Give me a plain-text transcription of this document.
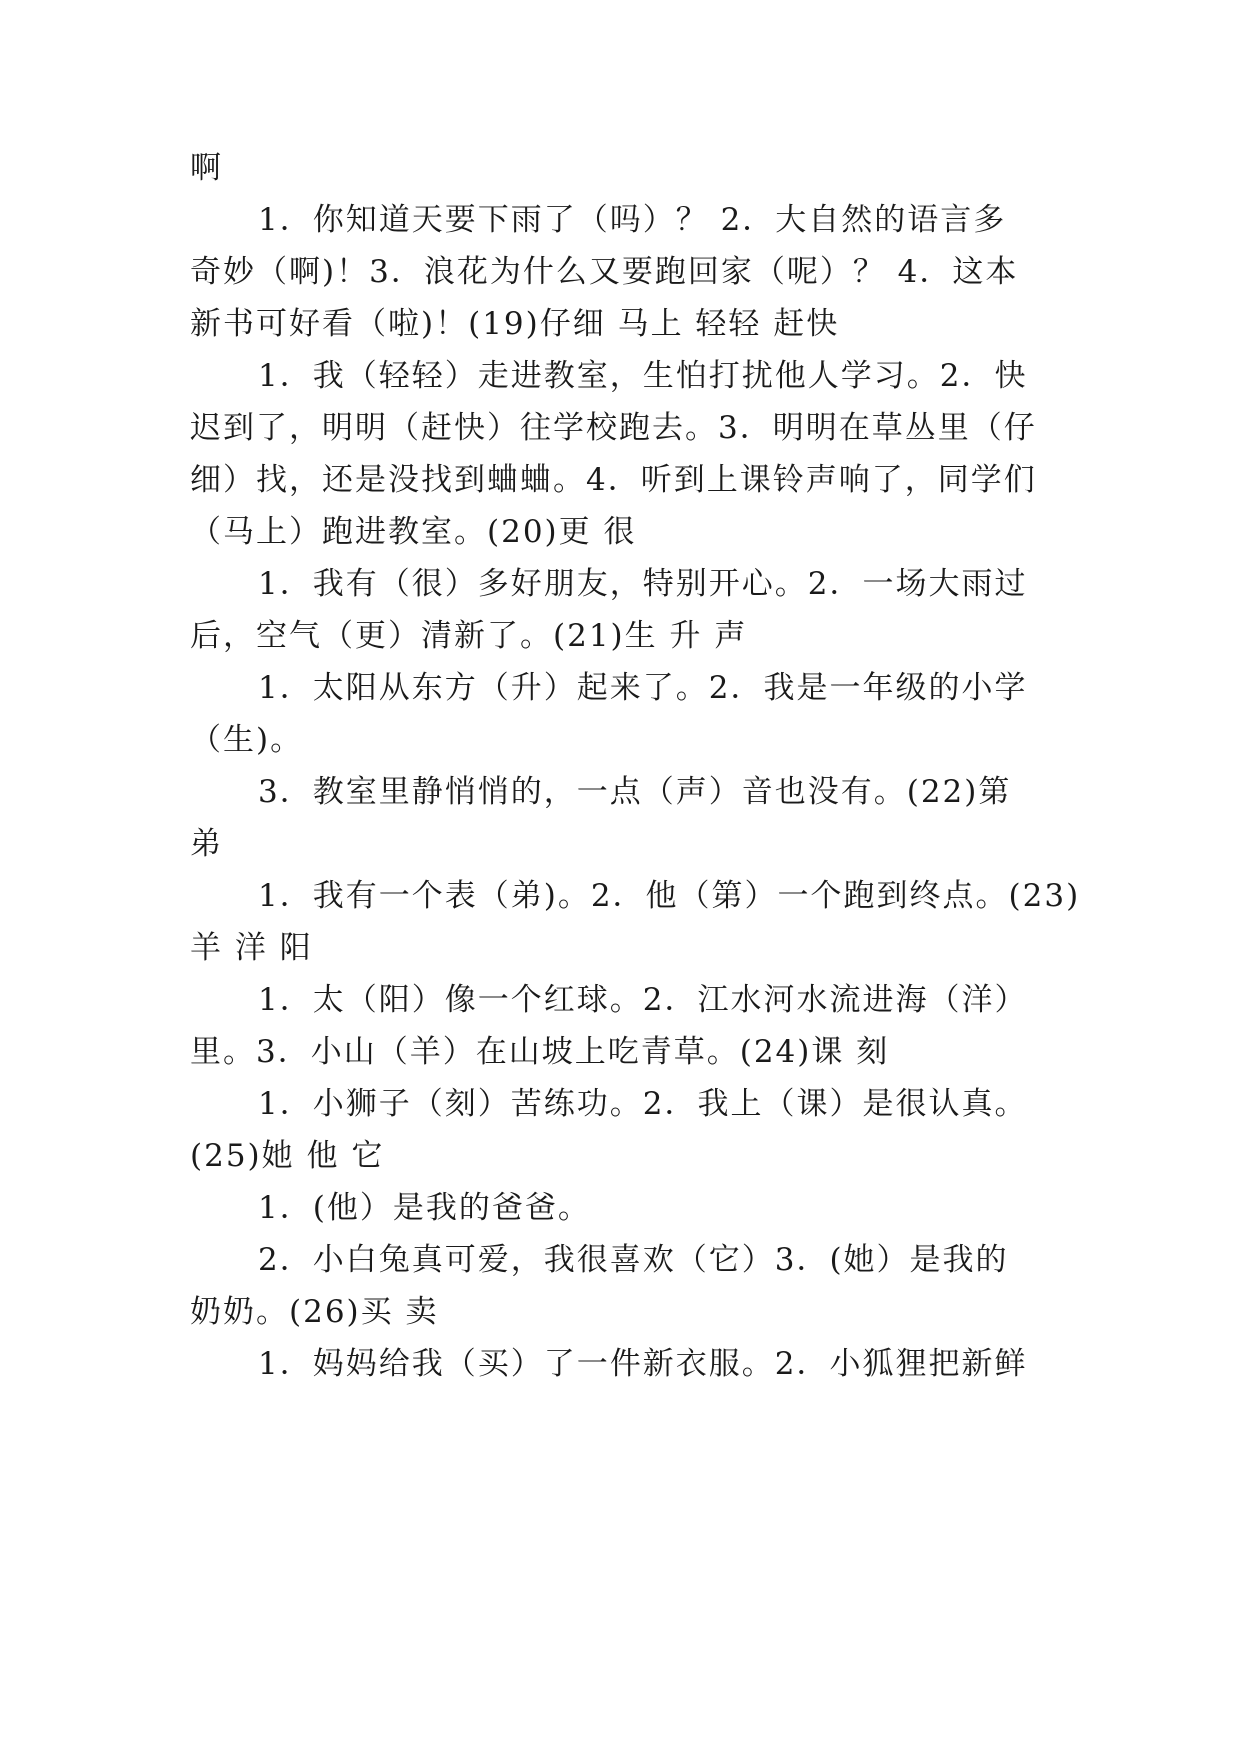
啊
1．你知道天要下雨了（吗）？ 2．大自然的语言多
奇妙（啊)！3．浪花为什么又要跑回家（呢）？ 4．这本
新书可好看（啦)！(19)仔细 马上 轻轻 赶快
1．我（轻轻）走进教室，生怕打扰他人学习。2．快
迟到了，明明（赶快）往学校跑去。3．明明在草丛里（仔
细）找，还是没找到蛐蛐。4．听到上课铃声响了，同学们
（马上）跑进教室。(20)更 很
1．我有（很）多好朋友，特别开心。2．一场大雨过
后，空气（更）清新了。(21)生 升 声
1．太阳从东方（升）起来了。2．我是一年级的小学
（生)。
3．教室里静悄悄的，一点（声）音也没有。(22)第
弟
1．我有一个表（弟)。2．他（第）一个跑到终点。(23)
羊 洋 阳
1．太（阳）像一个红球。2．江水河水流进海（洋）
里。3．小山（羊）在山坡上吃青草。(24)课 刻
1．小狮子（刻）苦练功。2．我上（课）是很认真。
(25)她 他 它
1．(他）是我的爸爸。
2．小白兔真可爱，我很喜欢（它）3．(她）是我的
奶奶。(26)买 卖
1．妈妈给我（买）了一件新衣服。2．小狐狸把新鲜
